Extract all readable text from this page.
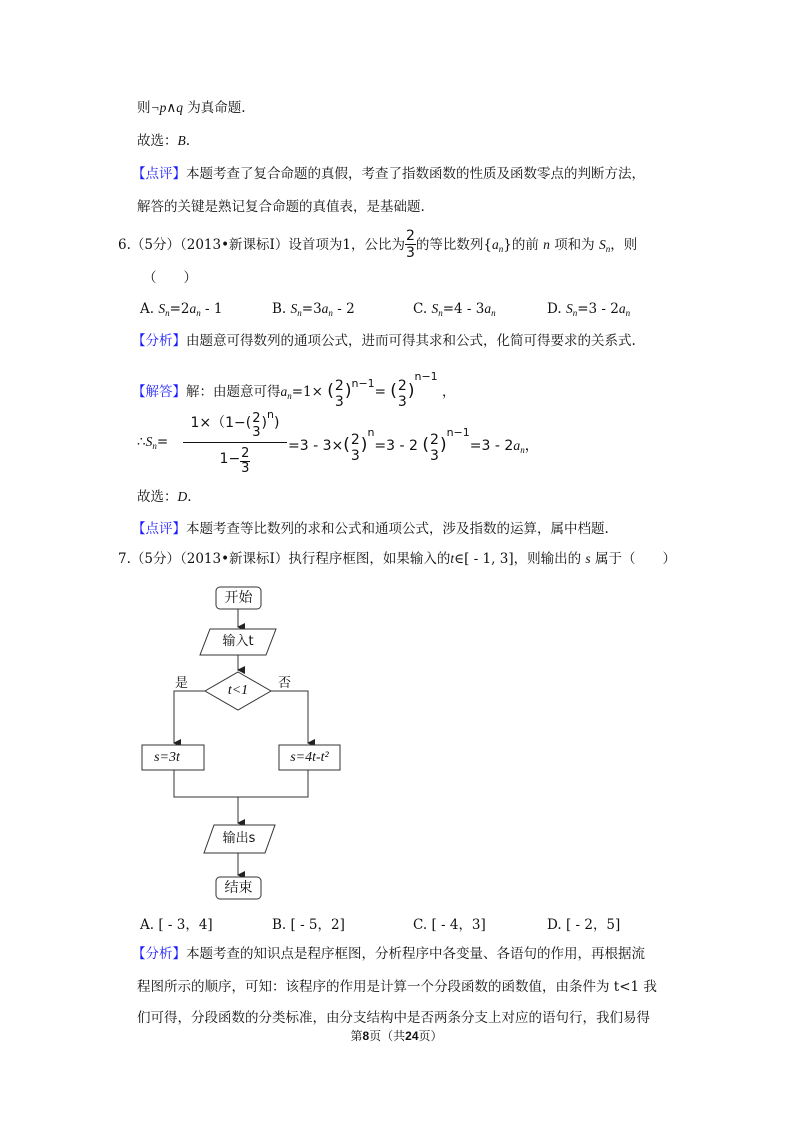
则¬p∧q 为真命题.
故选：B.
【点评】本题考查了复合命题的真假，考查了指数函数的性质及函数零点的判断方法，
解答的关键是熟记复合命题的真值表，是基础题.
6.（5分）（2013•新课标Ⅰ）设首项为1，公比为 $\frac{2}{3}$ 的等比数列$\{a_n\}$的前 n 项和为 $S_n$，则
（　　）
A. $S_n=2a_n - 1$	B. $S_n=3a_n - 2$	C. $S_n=4 - 3a_n$	D. $S_n=3 - 2a_n$
【分析】由题意可得数列的通项公式，进而可得其求和公式，化简可得要求的关系式.
【解答】解：由题意可得$a_n=1\times$ ( 2
3
)$^{n-1}$= ( 2
3
)$^{n-1}$ ，
$\therefore S_n=$
1×（1−( 2
3
)$^n$)
$1- \frac{2}{3}$
=3 - 3×( 2
3
)$^n$=3 - 2 ( 2
3
)$^{n-1}=3 - 2a_n$，
故选：D.
【点评】本题考查等比数列的求和公式和通项公式，涉及指数的运算，属中档题.
7.（5分）（2013•新课标Ⅰ）执行程序框图，如果输入的t∈[ - 1, 3]，则输出的 s 属于（　　）
开始
输入t
t<1
是	否
s=3t	s=4t-t²
输出s
结束
A. [ - 3，4]	B. [ - 5，2]	C. [ - 4，3]	D. [ - 2，5]
【分析】本题考查的知识点是程序框图，分析程序中各变量、各语句的作用，再根据流
程图所示的顺序，可知：该程序的作用是计算一个分段函数的函数值，由条件为 t<1 我
们可得，分段函数的分类标准，由分支结构中是否两条分支上对应的语句行，我们易得
第8页（共24页）
